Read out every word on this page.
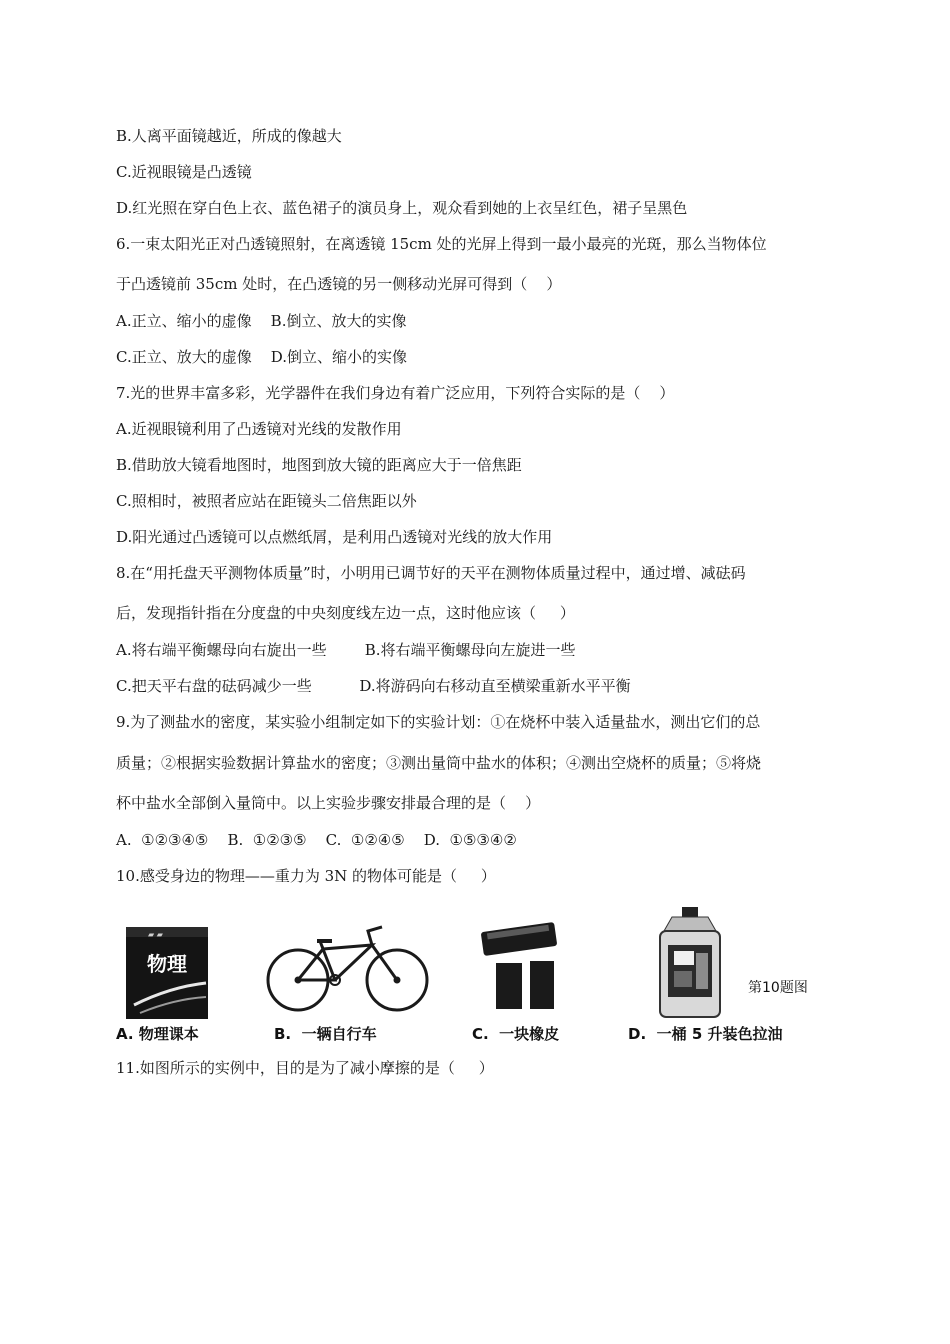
B.人离平面镜越近，所成的像越大
C.近视眼镜是凸透镜
D.红光照在穿白色上衣、蓝色裙子的演员身上，观众看到她的上衣呈红色，裙子呈黑色
6.一束太阳光正对凸透镜照射，在离透镜 15cm 处的光屏上得到一最小最亮的光斑，那么当物体位
于凸透镜前 35cm 处时，在凸透镜的另一侧移动光屏可得到（    ）
A.正立、缩小的虚像    B.倒立、放大的实像
C.正立、放大的虚像    D.倒立、缩小的实像
7.光的世界丰富多彩，光学器件在我们身边有着广泛应用，下列符合实际的是（    ）
A.近视眼镜利用了凸透镜对光线的发散作用
B.借助放大镜看地图时，地图到放大镜的距离应大于一倍焦距
C.照相时，被照者应站在距镜头二倍焦距以外
D.阳光通过凸透镜可以点燃纸屑，是利用凸透镜对光线的放大作用
8.在“用托盘天平测物体质量”时，小明用已调节好的天平在测物体质量过程中，通过增、减砝码
后，发现指针指在分度盘的中央刻度线左边一点，这时他应该（     ）
A.将右端平衡螺母向右旋出一些        B.将右端平衡螺母向左旋进一些
C.把天平右盘的砝码减少一些          D.将游码向右移动直至横梁重新水平平衡
9.为了测盐水的密度，某实验小组制定如下的实验计划：①在烧杯中装入适量盐水，测出它们的总
质量；②根据实验数据计算盐水的密度；③测出量筒中盐水的体积；④测出空烧杯的质量；⑤将烧
杯中盐水全部倒入量筒中。以上实验步骤安排最合理的是（    ）
A.  ①②③④⑤    B.  ①②③⑤    C.  ①②④⑤    D.  ①⑤③④②
10.感受身边的物理——重力为 3N 的物体可能是（     ）
11.如图所示的实例中，目的是为了减小摩擦的是（     ）
▰ ▰
物理
第10题图
A. 物理课本	B.  一辆自行车	C.  一块橡皮	D.  一桶 5 升装色拉油
